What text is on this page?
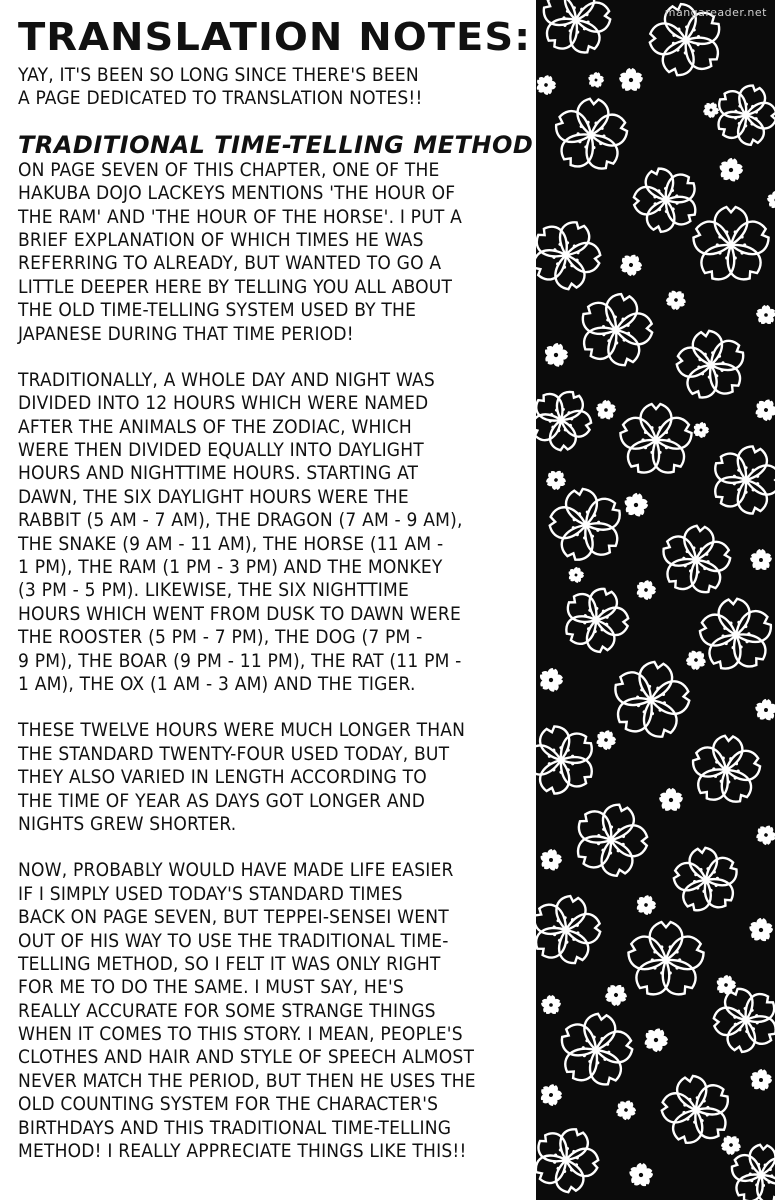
TRANSLATION NOTES:

YAY, IT'S BEEN SO LONG SINCE THERE'S BEEN
A PAGE DEDICATED TO TRANSLATION NOTES!!

TRADITIONAL TIME-TELLING METHOD

ON PAGE SEVEN OF THIS CHAPTER, ONE OF THE
HAKUBA DOJO LACKEYS MENTIONS 'THE HOUR OF
THE RAM' AND 'THE HOUR OF THE HORSE'. I PUT A
BRIEF EXPLANATION OF WHICH TIMES HE WAS
REFERRING TO ALREADY, BUT WANTED TO GO A
LITTLE DEEPER HERE BY TELLING YOU ALL ABOUT
THE OLD TIME-TELLING SYSTEM USED BY THE
JAPANESE DURING THAT TIME PERIOD!

TRADITIONALLY, A WHOLE DAY AND NIGHT WAS
DIVIDED INTO 12 HOURS WHICH WERE NAMED
AFTER THE ANIMALS OF THE ZODIAC, WHICH
WERE THEN DIVIDED EQUALLY INTO DAYLIGHT
HOURS AND NIGHTTIME HOURS. STARTING AT
DAWN, THE SIX DAYLIGHT HOURS WERE THE
RABBIT (5 AM - 7 AM), THE DRAGON (7 AM - 9 AM),
THE SNAKE (9 AM - 11 AM), THE HORSE (11 AM -
1 PM), THE RAM (1 PM - 3 PM) AND THE MONKEY
(3 PM - 5 PM). LIKEWISE, THE SIX NIGHTTIME
HOURS WHICH WENT FROM DUSK TO DAWN WERE
THE ROOSTER (5 PM - 7 PM), THE DOG (7 PM -
9 PM), THE BOAR (9 PM - 11 PM), THE RAT (11 PM -
1 AM), THE OX (1 AM - 3 AM) AND THE TIGER.

THESE TWELVE HOURS WERE MUCH LONGER THAN
THE STANDARD TWENTY-FOUR USED TODAY, BUT
THEY ALSO VARIED IN LENGTH ACCORDING TO
THE TIME OF YEAR AS DAYS GOT LONGER AND
NIGHTS GREW SHORTER.

NOW, PROBABLY WOULD HAVE MADE LIFE EASIER
IF I SIMPLY USED TODAY'S STANDARD TIMES
BACK ON PAGE SEVEN, BUT TEPPEI-SENSEI WENT
OUT OF HIS WAY TO USE THE TRADITIONAL TIME-
TELLING METHOD, SO I FELT IT WAS ONLY RIGHT
FOR ME TO DO THE SAME. I MUST SAY, HE'S
REALLY ACCURATE FOR SOME STRANGE THINGS
WHEN IT COMES TO THIS STORY. I MEAN, PEOPLE'S
CLOTHES AND HAIR AND STYLE OF SPEECH ALMOST
NEVER MATCH THE PERIOD, BUT THEN HE USES THE
OLD COUNTING SYSTEM FOR THE CHARACTER'S
BIRTHDAYS AND THIS TRADITIONAL TIME-TELLING
METHOD! I REALLY APPRECIATE THINGS LIKE THIS!!

mangareader.net
